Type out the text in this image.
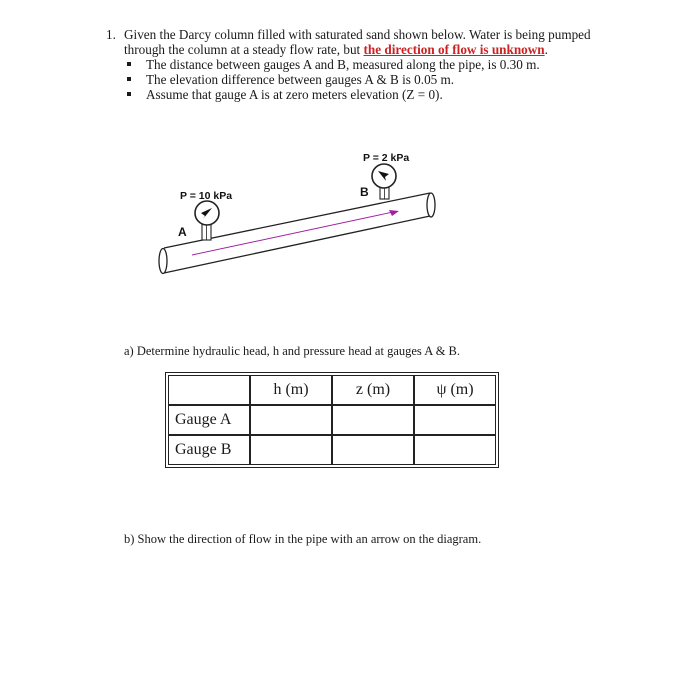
1. Given the Darcy column filled with saturated sand shown below. Water is being pumped through the column at a steady flow rate, but the direction of flow is unknown.
The distance between gauges A and B, measured along the pipe, is 0.30 m.
The elevation difference between gauges A & B is 0.05 m.
Assume that gauge A is at zero meters elevation (Z = 0).
P = 10 kPa
A
P = 2 kPa
B
a) Determine hydraulic head, h and pressure head at gauges A & B.
	h (m)	z (m)	ψ (m)
Gauge A			
Gauge B			
b) Show the direction of flow in the pipe with an arrow on the diagram.
